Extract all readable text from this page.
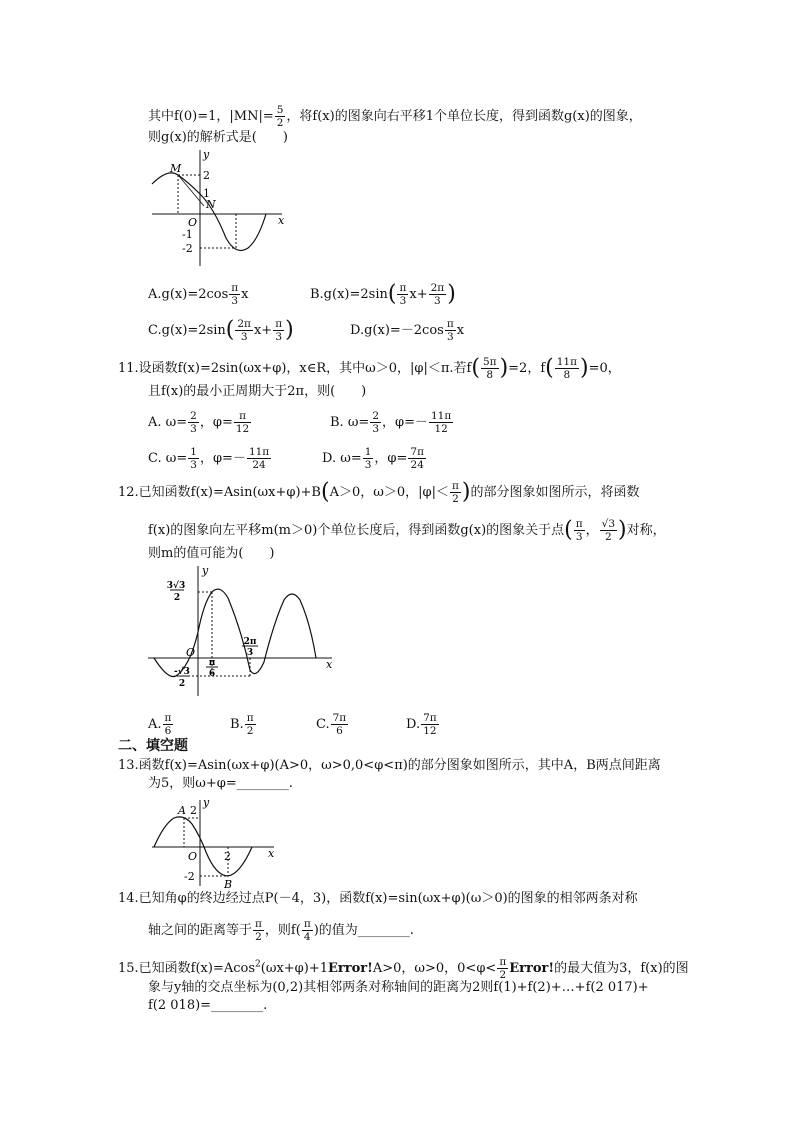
其中f(0)=1，$|MN|= \frac{5}{2}$ ，将f(x)的图象向右平移1个单位长度，得到函数g(x)的图象，
则g(x)的解析式是(　　)
y
x
O
M
N
2
1
-1
-2
$A.g(x)=2\cos \frac{\pi}{3}$ x	$B.g(x)=2\sin( \frac{\pi}{3} x+ \frac{2\pi}{3}$ )
$C.g(x)=2\sin( \frac{2\pi}{3} x+ \frac{\pi}{3}$ )	$D.g(x)=-2\cos \frac{\pi}{3}$ x
11.设函数f(x)=2sin(ωx+φ)，x∈R，其中ω＞0，|φ|＜π.若$f( \frac{5\pi}{8} )=2$，$f( \frac{11\pi}{8} )=0$，
且f(x)的最小正周期大于2π，则(　　)
A. $\omega= \frac{2}{3}$ ，$\varphi= \frac{\pi}{12}$	B. $\omega= \frac{2}{3}$ ，$\varphi=- \frac{11\pi}{12}$
C. $\omega= \frac{1}{3}$ ，$\varphi=- \frac{11\pi}{24}$	D. $\omega= \frac{1}{3}$ ，$\varphi= \frac{7\pi}{24}$
12.已知函数f(x)=Asin(ωx+φ)+B(A＞0，ω＞0，$|\varphi|< \frac{\pi}{2}$ )的部分图象如图所示，将函数
f(x)的图象向左平移m(m＞0)个单位长度后，得到函数g(x)的图象关于点( $\frac{\pi}{3}$ ， $\frac{√3}{2}$ )对称，
则m的值可能为(　　)
y
x
O
3√3
2
-√3
2
π
6
2π
3
A. $\frac{\pi}{6}$	B. $\frac{\pi}{2}$	C. $\frac{7\pi}{6}$	D. $\frac{7\pi}{12}$
二、填空题
13.函数f(x)=Asin(ωx+φ)(A>0，ω>0,0<φ<π)的部分图象如图所示，其中A，B两点间距离
为5，则ω+φ=________.
y
x
O
A 2
-2
2
B
14.已知角φ的终边经过点P(－4，3)，函数f(x)=sin(ωx+φ)(ω＞0)的图象的相邻两条对称
轴之间的距离等于 $\frac{\pi}{2}$ ，则$f( \frac{\pi}{4}$ )的值为________.
15.已知函数f(x)=Acos$^2$(ωx+φ)+1Error!A>0，ω>0，$0<\varphi< \frac{\pi}{2}$ Error!的最大值为3，f(x)的图
象与y轴的交点坐标为(0,2)其相邻两条对称轴间的距离为2则f(1)+f(2)+…+f(2 017)+
f(2 018)=________.
